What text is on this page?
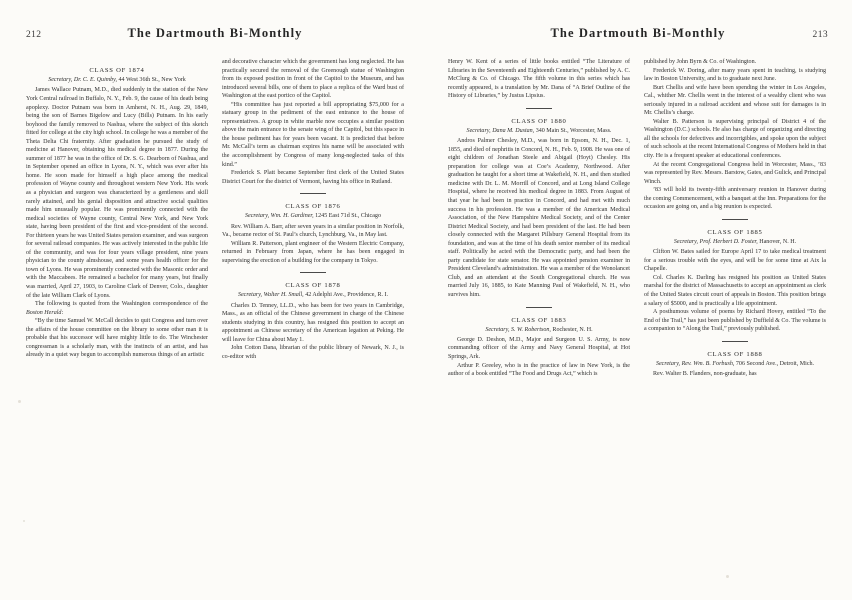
212	The Dartmouth Bi-Monthly
CLASS OF 1874
Secretary, Dr. C. E. Quimby, 44 West 36th St., New York

James Wallace Putnam, M.D., died suddenly in the station of the New York Central railroad in Buffalo, N. Y., Feb. 9, the cause of his death being apoplexy. Doctor Putnam was born in Amherst, N. H., Aug. 29, 1849, being the son of Barnes Bigelow and Lucy (Bills) Putnam. In his early boyhood the family removed to Nashua, where the subject of this sketch fitted for college at the city high school. In college he was a member of the Theta Delta Chi fraternity. After graduation he pursued the study of medicine at Hanover, obtaining his medical degree in 1877. During the summer of 1877 he was in the office of Dr. S. G. Dearborn of Nashua, and in September opened an office in Lyons, N. Y., which was ever after his home. He soon made for himself a high place among the medical profession of Wayne county and throughout western New York. His work as a physician and surgeon was characterized by a gentleness and skill rarely attained, and his genial disposition and attractive social qualities made him unusually popular. He was prominently connected with the medical societies of Wayne county, Central New York, and New York state, having been president of the first and vice-president of the second. For thirteen years he was United States pension examiner, and was surgeon for several railroad companies. He was actively interested in the public life of the community, and was for four years village president, nine years physician to the county almshouse, and some years health officer for the town of Lyons. He was prominently connected with the Masonic order and with the Maccabees. He remained a bachelor for many years, but finally was married, April 27, 1903, to Caroline Clark of Denver, Colo., daughter of the late William Clark of Lyons.

The following is quoted from the Washington correspondence of the Boston Herald:

“By the time Samuel W. McCall decides to quit Congress and turn over the affairs of the house committee on the library to some other man it is probable that his successor will have mighty little to do. The Winchester congressman is a scholarly man, with the instincts of an artist, and has already in a quiet way begun to accomplish numerous things of an artistic

and decorative character which the government has long neglected. He has practically secured the removal of the Greenough statue of Washington from its exposed position in front of the Capitol to the Museum, and has introduced several bills, one of them to place a replica of the Ward bust of Washington at the east portico of the Capitol.

“His committee has just reported a bill appropriating $75,000 for a statuary group in the pediment of the east entrance to the house of representatives. A group in white marble now occupies a similar position above the main entrance to the senate wing of the Capitol, but this space in the house pediment has for years been vacant. It is predicted that before Mr. McCall’s term as chairman expires his name will be associated with the accomplishment by Congress of many long-neglected tasks of this kind.”

Frederick S. Platt became September first clerk of the United States District Court for the district of Vermont, having his office in Rutland.

CLASS OF 1876
Secretary, Wm. H. Gardiner, 1245 East 71d St., Chicago

Rev. William A. Barr, after seven years in a similar position in Norfolk, Va., became rector of St. Paul’s church, Lynchburg, Va., in May last.

William R. Patterson, plant engineer of the Western Electric Company, returned in February from Japan, where he has been engaged in supervising the erection of a building for the company in Tokyo.

CLASS OF 1878
Secretary, Walter H. Small, 42 Adelphi Ave., Providence, R. I.

Charles D. Tenney, LL.D., who has been for two years in Cambridge, Mass., as an official of the Chinese government in charge of the Chinese students studying in this country, has resigned this position to accept an appointment as Chinese secretary of the American legation at Peking. He will leave for China about May 1.

John Cotton Dana, librarian of the public library of Newark, N. J., is co-editor with

The Dartmouth Bi-Monthly	213

Henry W. Kent of a series of little books entitled “The Literature of Libraries in the Seventeenth and Eighteenth Centuries,” published by A. C. McClurg & Co. of Chicago. The fifth volume in this series which has recently appeared, is a translation by Mr. Dana of “A Brief Outline of the History of Libraries,” by Justus Lipsius.

CLASS OF 1880
Secretary, Dana M. Dustan, 340 Main St., Worcester, Mass.

Andros Palmer Chesley, M.D., was born in Epsom, N. H., Dec. 1, 1855, and died of nephritis in Concord, N. H., Feb. 9, 1908. He was one of eight children of Jonathan Steele and Abigail (Hoyt) Chesley. His preparation for college was at Coe’s Academy, Northwood. After graduation he taught for a short time at Wakefield, N. H., and then studied medicine with Dr. L. M. Morrill of Concord, and at Long Island College Hospital, where he received his medical degree in 1883. From August of that year he had been in practice in Concord, and had met with much success in his profession. He was a member of the American Medical Association, of the New Hampshire Medical Society, and of the Center District Medical Society, and had been president of the last. He had been closely connected with the Margaret Pillsbury General Hospital from its foundation, and was at the time of his death senior member of its medical staff. Politically he acted with the Democratic party, and had been the party candidate for state senator. He was appointed pension examiner in President Cleveland’s administration. He was a member of the Wonolancet Club, and an attendant at the South Congregational church. He was married July 16, 1885, to Kate Manning Paul of Wakefield, N. H., who survives him.

CLASS OF 1883
Secretary, S. W. Robertson, Rochester, N. H.

George D. Deshon, M.D., Major and Surgeon U. S. Army, is now commanding officer of the Army and Navy General Hospital, at Hot Springs, Ark.

Arthur P. Greeley, who is in the practice of law in New York, is the author of a book entitled “The Food and Drugs Act,” which is

published by John Byrn & Co. of Washington.

Frederick W. Doring, after many years spent in teaching, is studying law in Boston University, and is to graduate next June.

Burt Chellis and wife have been spending the winter in Los Angeles, Cal., whither Mr. Chellis went in the interest of a wealthy client who was seriously injured in a railroad accident and whose suit for damages is in Mr. Chellis’s charge.

Walter B. Patterson is supervising principal of District 4 of the Washington (D.C.) schools. He also has charge of organizing and directing all the schools for defectives and incorrigibles, and spoke upon the subject of such schools at the recent International Congress of Mothers held in that city. He is a frequent speaker at educational conferences.

At the recent Congregational Congress held in Worcester, Mass., ’83 was represented by Rev. Messrs. Barstow, Gates, and Gulick, and Principal Winch.

’83 will hold its twenty-fifth anniversary reunion in Hanover during the coming Commencement, with a banquet at the Inn. Preparations for the occasion are going on, and a big reunion is expected.

CLASS OF 1885
Secretary, Prof. Herbert D. Foster, Hanover, N. H.

Clifton W. Bates sailed for Europe April 17 to take medical treatment for a serious trouble with the eyes, and will be for some time at Aix la Chapelle.

Col. Charles K. Darling has resigned his position as United States marshal for the district of Massachusetts to accept an appointment as clerk of the United States circuit court of appeals in Boston. This position brings a salary of $5000, and is practically a life appointment.

A posthumous volume of poems by Richard Hovey, entitled “To the End of the Trail,” has just been published by Duffield & Co. The volume is a companion to “Along the Trail,” previously published.

CLASS OF 1888
Secretary, Rev. Wm. B. Forbush, 706 Second Ave., Detroit, Mich.

Rev. Walter B. Flanders, non-graduate, has
